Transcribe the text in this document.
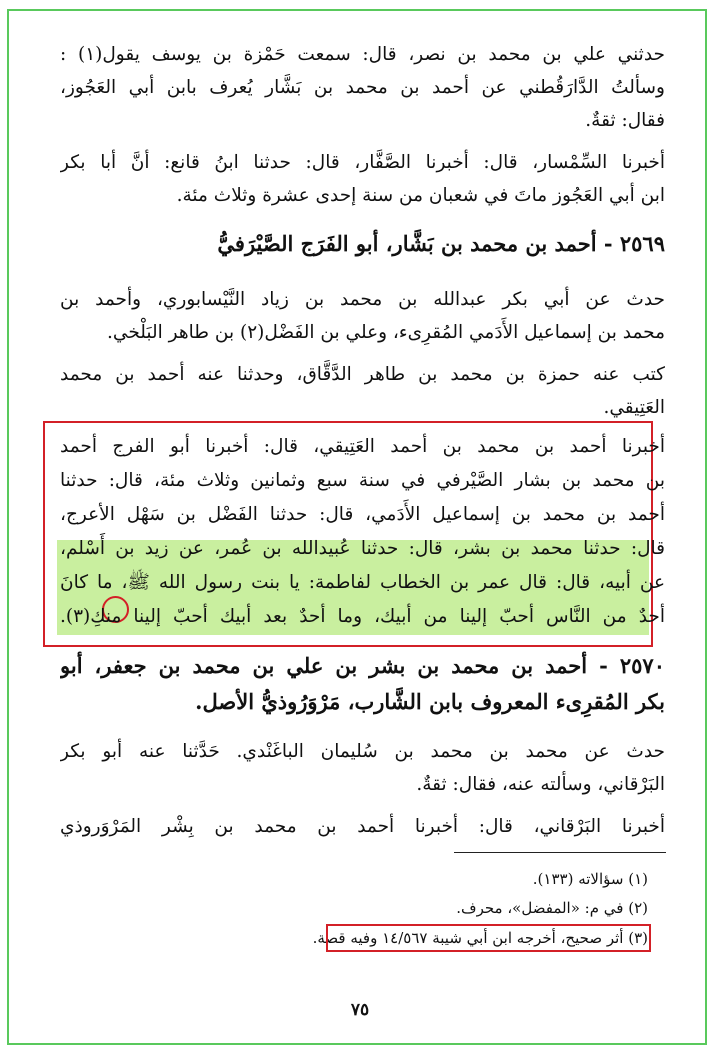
حدثني علي بن محمد بن نصر، قال: سمعت حَمْزة بن يوسف يقول(١) :
وسألتُ الدَّارَقُطني عن أحمد بن محمد بن بَشَّار يُعرف بابن أبي العَجُوز،
فقال: ثقةٌ.
أخبرنا السِّمْسار، قال: أخبرنا الصَّفَّار، قال: حدثنا ابنُ قانع: أنَّ أبا بكر
ابن أبي العَجُوز ماتَ في شعبان من سنة إحدى عشرة وثلاث مئة.
٢٥٦٩ - أحمد بن محمد بن بَشَّار، أبو الفَرَج الصَّيْرَفيُّ
حدث عن أبي بكر عبدالله بن محمد بن زياد النَّيْسابوري، وأحمد بن
محمد بن إسماعيل الأَدَمي المُقرِىء، وعلي بن الفَضْل(٢) بن طاهر البَلْخي.
كتب عنه حمزة بن محمد بن طاهر الدَّقَّاق، وحدثنا عنه أحمد بن محمد
العَتِيقي.
أخبرنا أحمد بن محمد بن أحمد العَتِيقي، قال: أخبرنا أبو الفرج أحمد
بن محمد بن بشار الصَّيْرفي في سنة سبع وثمانين وثلاث مئة، قال: حدثنا
أحمد بن محمد بن إسماعيل الأَدَمي، قال: حدثنا الفَضْل بن سَهْل الأعرج،
قال: حدثنا محمد بن بشر، قال: حدثنا عُبيدالله بن عُمر، عن زيد بن أَسْلم،
عن أبيه، قال: قال عمر بن الخطاب لفاطمة: يا بنت رسول الله ﷺ، ما كانَ
أحدٌ من النَّاس أحبّ إلينا من أبيك، وما أحدٌ بعد أبيك أحبّ إلينا منكِ(٣).
٢٥٧٠ - أحمد بن محمد بن بشر بن علي بن محمد بن جعفر، أبو
بكر المُقرِىء المعروف بابن الشَّارب، مَرْوَرُوذيُّ الأصل.
حدث عن محمد بن محمد بن سُليمان الباغَنْدي. حَدَّثنا عنه أبو بكر
البَرْقاني، وسألته عنه، فقال: ثقةٌ.
أخبرنا البَرْقاني، قال: أخبرنا أحمد بن محمد بن بِشْر المَرْوَروذي
(١) سؤالاته (١٣٣).
(٢) في م: «المفضل»، محرف.
(٣) أثر صحيح، أخرجه ابن أبي شيبة ١٤/٥٦٧ وفيه قصة.
٧٥
